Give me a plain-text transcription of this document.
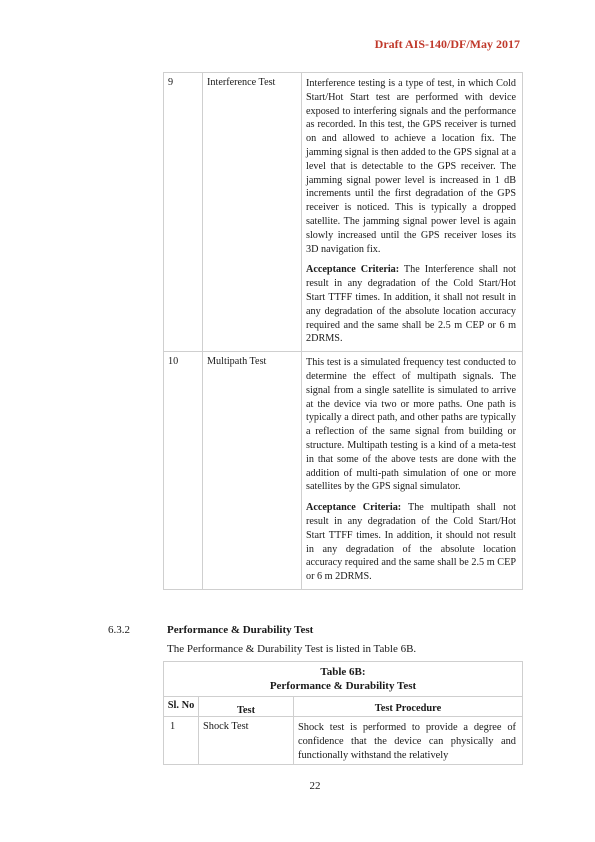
Draft AIS-140/DF/May 2017
9	Interference Test	Interference testing is a type of test, in which Cold Start/Hot Start test are performed with device exposed to interfering signals and the performance as recorded. In this test, the GPS receiver is turned on and allowed to achieve a location fix. The jamming signal is then added to the GPS signal at a level that is detectable to the GPS receiver. The jamming signal power level is increased in 1 dB increments until the first degradation of the GPS receiver is noticed. This is typically a dropped satellite. The jamming signal power level is again slowly increased until the GPS receiver loses its 3D navigation fix.

Acceptance Criteria: The Interference shall not result in any degradation of the Cold Start/Hot Start TTFF times. In addition, it shall not result in any degradation of the absolute location accuracy required and the same shall be 2.5 m CEP or 6 m 2DRMS.

10	Multipath Test	This test is a simulated frequency test conducted to determine the effect of multipath signals. The signal from a single satellite is simulated to arrive at the device via two or more paths. One path is typically a direct path, and other paths are typically a reflection of the same signal from building or structure. Multipath testing is a kind of a meta-test in that some of the above tests are done with the addition of multi-path simulation of one or more satellites by the GPS signal simulator.

Acceptance Criteria: The multipath shall not result in any degradation of the Cold Start/Hot Start TTFF times. In addition, it should not result in any degradation of the absolute location accuracy required and the same shall be 2.5 m CEP or 6 m 2DRMS.

6.3.2	Performance & Durability Test
The Performance & Durability Test is listed in Table 6B.
Table 6B:
Performance & Durability Test		

Sl. No	Test	Test Procedure
1	Shock Test	Shock test is performed to provide a degree of confidence that the device can physically and functionally withstand the relatively

22
